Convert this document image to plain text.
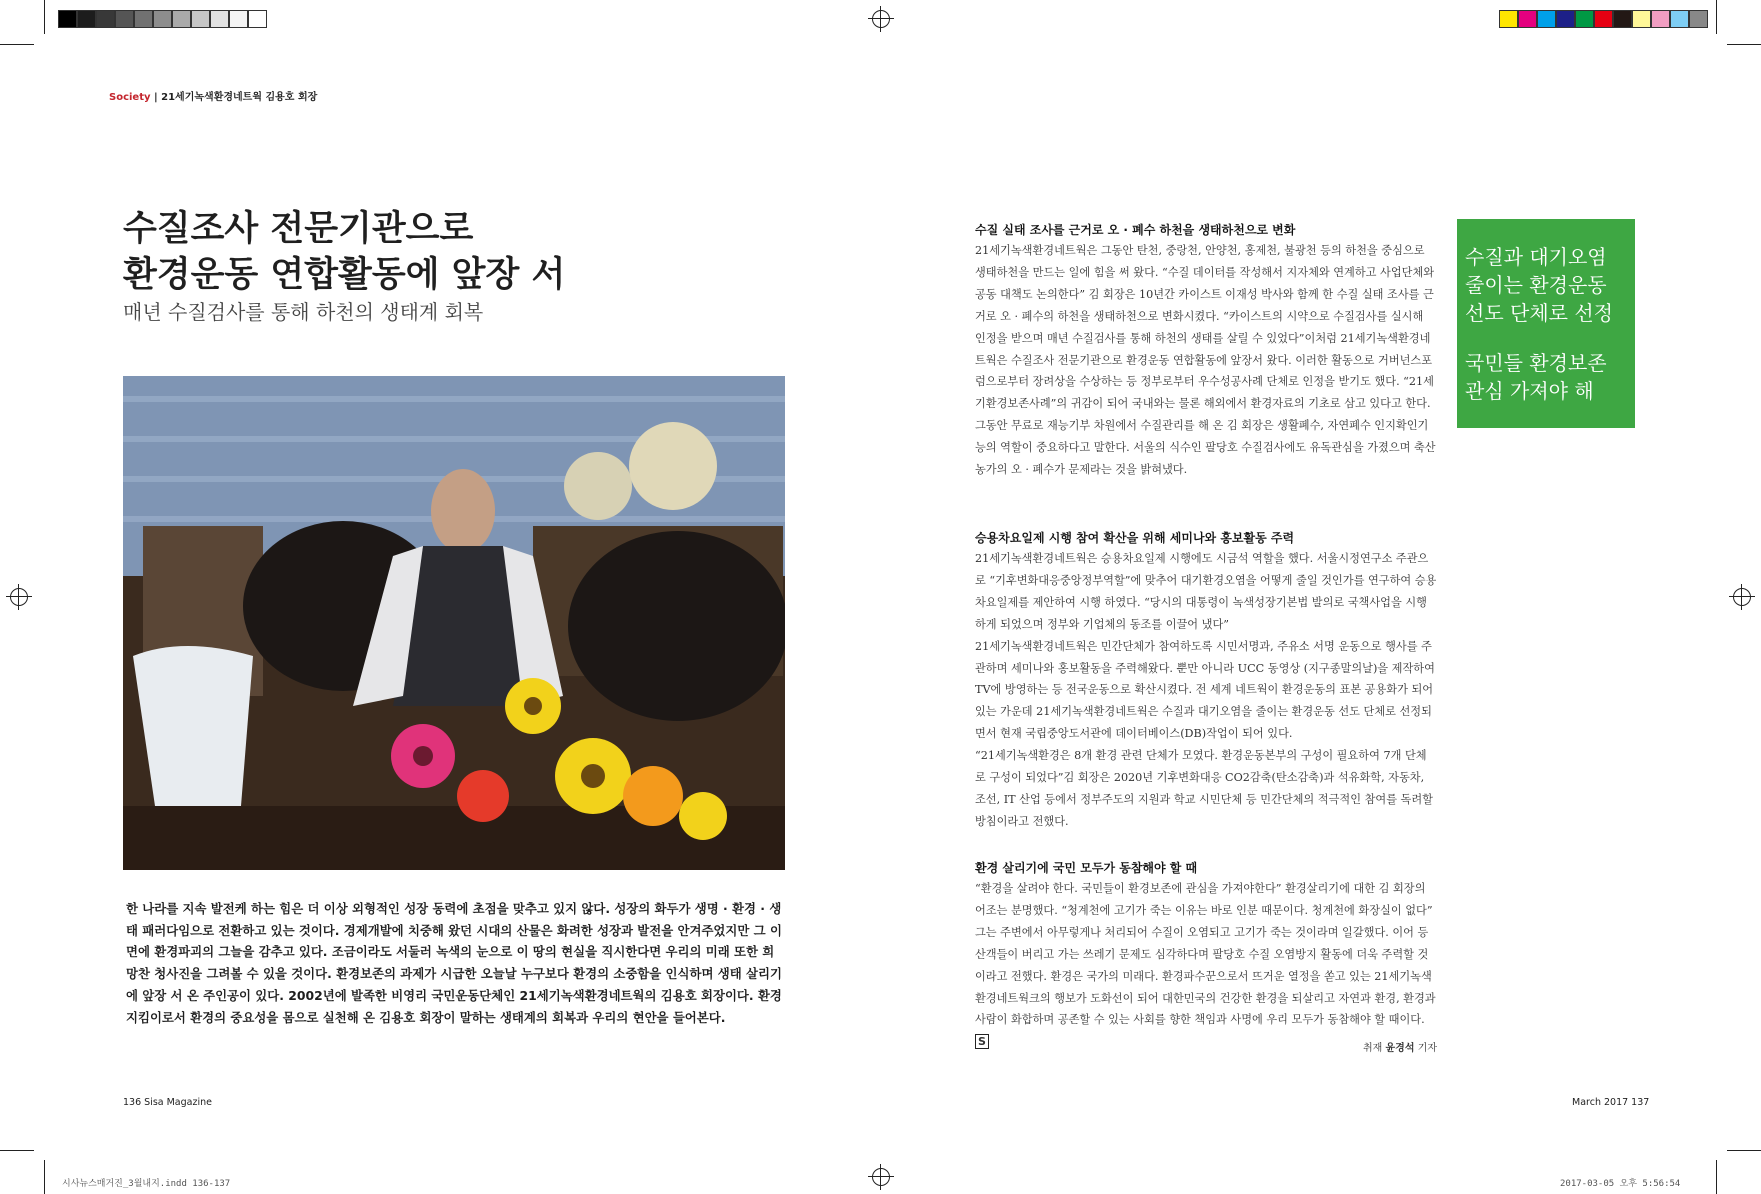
Society | 21세기녹색환경네트웍 김용호 회장
수질조사 전문기관으로
환경운동 연합활동에 앞장 서
매년 수질검사를 통해 하천의 생태계 회복
한 나라를 지속 발전케 하는 힘은 더 이상 외형적인 성장 동력에 초점을 맞추고 있지 않다. 성장의 화두가 생명 · 환경 · 생태 패러다임으로 전환하고 있는 것이다. 경제개발에 치중해 왔던 시대의 산물은 화려한 성장과 발전을 안겨주었지만 그 이면에 환경파괴의 그늘을 감추고 있다. 조금이라도 서둘러 녹색의 눈으로 이 땅의 현실을 직시한다면 우리의 미래 또한 희망찬 청사진을 그려볼 수 있을 것이다. 환경보존의 과제가 시급한 오늘날 누구보다 환경의 소중함을 인식하며 생태 살리기에 앞장 서 온 주인공이 있다. 2002년에 발족한 비영리 국민운동단체인 21세기녹색환경네트웍의 김용호 회장이다. 환경 지킴이로서 환경의 중요성을 몸으로 실천해 온 김용호 회장이 말하는 생태계의 회복과 우리의 현안을 들어본다.
136 Sisa Magazine
수질 실태 조사를 근거로 오 · 폐수 하천을 생태하천으로 변화

21세기녹색환경네트웍은 그동안 탄천, 중랑천, 안양천, 홍제천, 불광천 등의 하천을 중심으로 생태하천을 만드는 일에 힘을 써 왔다. “수질 데이터를 작성해서 지자체와 연계하고 사업단체와 공동 대책도 논의한다” 김 회장은 10년간 카이스트 이재성 박사와 함께 한 수질 실태 조사를 근거로 오 · 폐수의 하천을 생태하천으로 변화시켰다. “카이스트의 시약으로 수질검사를 실시해 인정을 받으며 매년 수질검사를 통해 하천의 생태를 살릴 수 있었다”이처럼 21세기녹색환경네트웍은 수질조사 전문기관으로 환경운동 연합활동에 앞장서 왔다. 이러한 활동으로 거버넌스포럼으로부터 장려상을 수상하는 등 정부로부터 우수성공사례 단체로 인정을 받기도 했다. “21세기환경보존사례”의 귀감이 되어 국내와는 물론 해외에서 환경자료의 기초로 삼고 있다고 한다. 그동안 무료로 재능기부 차원에서 수질관리를 해 온 김 회장은 생활폐수, 자연폐수 인지확인기능의 역할이 중요하다고 말한다. 서울의 식수인 팔당호 수질검사에도 유독관심을 가졌으며 축산농가의 오 · 폐수가 문제라는 것을 밝혀냈다.

승용차요일제 시행 참여 확산을 위해 세미나와 홍보활동 주력

21세기녹색환경네트웍은 승용차요일제 시행에도 시금석 역할을 했다. 서울시정연구소 주관으로 “기후변화대응중앙정부역할”에 맞추어 대기환경오염을 어떻게 줄일 것인가를 연구하여 승용차요일제를 제안하여 시행 하였다. “당시의 대통령이 녹색성장기본법 발의로 국책사업을 시행하게 되었으며 정부와 기업체의 동조를 이끌어 냈다”

21세기녹색환경네트웍은 민간단체가 참여하도록 시민서명과, 주유소 서명 운동으로 행사를 주관하며 세미나와 홍보활동을 주력해왔다. 뿐만 아니라 UCC 동영상 (지구종말의날)을 제작하여 TV에 방영하는 등 전국운동으로 확산시켰다. 전 세계 네트웍이 환경운동의 표본 공용화가 되어 있는 가운데 21세기녹색환경네트웍은 수질과 대기오염을 줄이는 환경운동 선도 단체로 선정되면서 현재 국립중앙도서관에 데이터베이스(DB)작업이 되어 있다.

“21세기녹색환경은 8개 환경 관련 단체가 모였다. 환경운동본부의 구성이 필요하여 7개 단체로 구성이 되었다”김 회장은 2020년 기후변화대응 CO2감축(탄소감축)과 석유화학, 자동차, 조선, IT 산업 등에서 정부주도의 지원과 학교 시민단체 등 민간단체의 적극적인 참여를 독려할 방침이라고 전했다.

환경 살리기에 국민 모두가 동참해야 할 때

“환경을 살려야 한다. 국민들이 환경보존에 관심을 가져야한다” 환경살리기에 대한 김 회장의 어조는 분명했다. “청계천에 고기가 죽는 이유는 바로 인분 때문이다. 청계천에 화장실이 없다” 그는 주변에서 아무렇게나 처리되어 수질이 오염되고 고기가 죽는 것이라며 일갈했다. 이어 등산객들이 버리고 가는 쓰레기 문제도 심각하다며 팔당호 수질 오염방지 활동에 더욱 주력할 것이라고 전했다. 환경은 국가의 미래다. 환경파수꾼으로서 뜨거운 열정을 쏟고 있는 21세기녹색환경네트웍크의 행보가 도화선이 되어 대한민국의 건강한 환경을 되살리고 자연과 환경, 환경과 사람이 화합하며 공존할 수 있는 사회를 향한 책임과 사명에 우리 모두가 동참해야 할 때이다. S

수질과 대기오염 줄이는 환경운동 선도 단체로 선정
국민들 환경보존 관심 가져야 해
취재 윤경석 기자
March 2017 137
시사뉴스매거진_3월내지.indd 136-137	2017-03-05 오후 5:56:54
